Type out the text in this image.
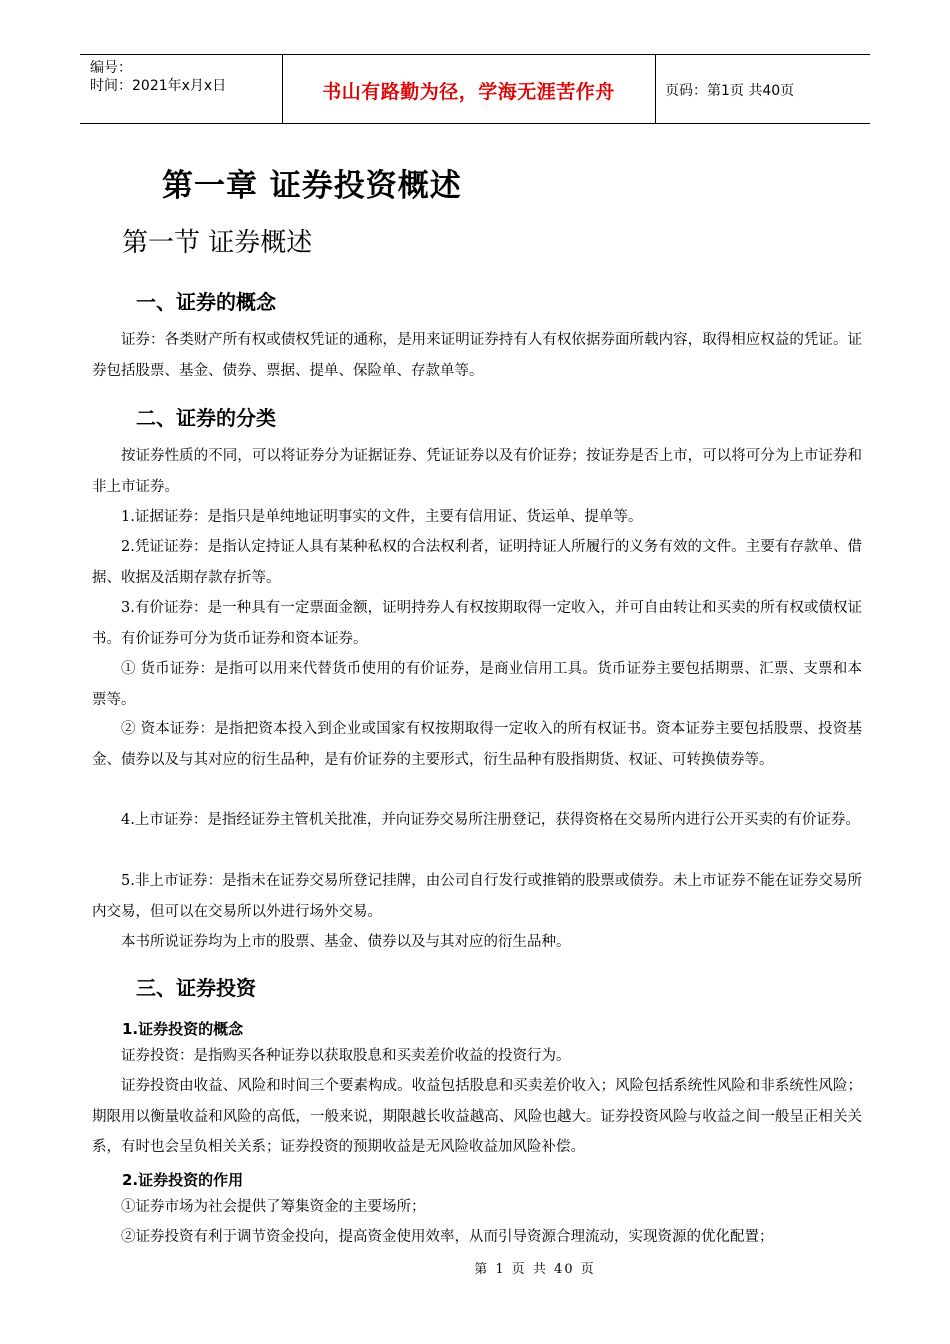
编号：
时间：2021年x月x日	书山有路勤为径，学海无涯苦作舟	页码：第1页 共40页
第一章 证券投资概述
第一节 证券概述
一、证券的概念

证券：各类财产所有权或债权凭证的通称，是用来证明证券持有人有权依据券面所载内容，取得相应权益的凭证。证券包括股票、基金、债券、票据、提单、保险单、存款单等。

二、证券的分类

按证券性质的不同，可以将证券分为证据证券、凭证证券以及有价证券；按证券是否上市，可以将可分为上市证券和非上市证券。

1.证据证券：是指只是单纯地证明事实的文件，主要有信用证、货运单、提单等。

2.凭证证券：是指认定持证人具有某种私权的合法权利者，证明持证人所履行的义务有效的文件。主要有存款单、借据、收据及活期存款存折等。

3.有价证券：是一种具有一定票面金额，证明持券人有权按期取得一定收入，并可自由转让和买卖的所有权或债权证书。有价证券可分为货币证券和资本证券。

① 货币证券：是指可以用来代替货币使用的有价证券，是商业信用工具。货币证券主要包括期票、汇票、支票和本票等。

② 资本证券：是指把资本投入到企业或国家有权按期取得一定收入的所有权证书。资本证券主要包括股票、投资基金、债券以及与其对应的衍生品种，是有价证券的主要形式，衍生品种有股指期货、权证、可转换债券等。

4.上市证券：是指经证券主管机关批准，并向证券交易所注册登记，获得资格在交易所内进行公开买卖的有价证券。

5.非上市证券：是指未在证券交易所登记挂牌，由公司自行发行或推销的股票或债券。未上市证券不能在证券交易所内交易，但可以在交易所以外进行场外交易。

本书所说证券均为上市的股票、基金、债券以及与其对应的衍生品种。

三、证券投资
1.证券投资的概念

证券投资：是指购买各种证券以获取股息和买卖差价收益的投资行为。

证券投资由收益、风险和时间三个要素构成。收益包括股息和买卖差价收入；风险包括系统性风险和非系统性风险；期限用以衡量收益和风险的高低，一般来说，期限越长收益越高、风险也越大。证券投资风险与收益之间一般呈正相关关系，有时也会呈负相关关系；证券投资的预期收益是无风险收益加风险补偿。

2.证券投资的作用

①证券市场为社会提供了筹集资金的主要场所；

②证券投资有利于调节资金投向，提高资金使用效率，从而引导资源合理流动，实现资源的优化配置；

第 1 页 共 40 页
